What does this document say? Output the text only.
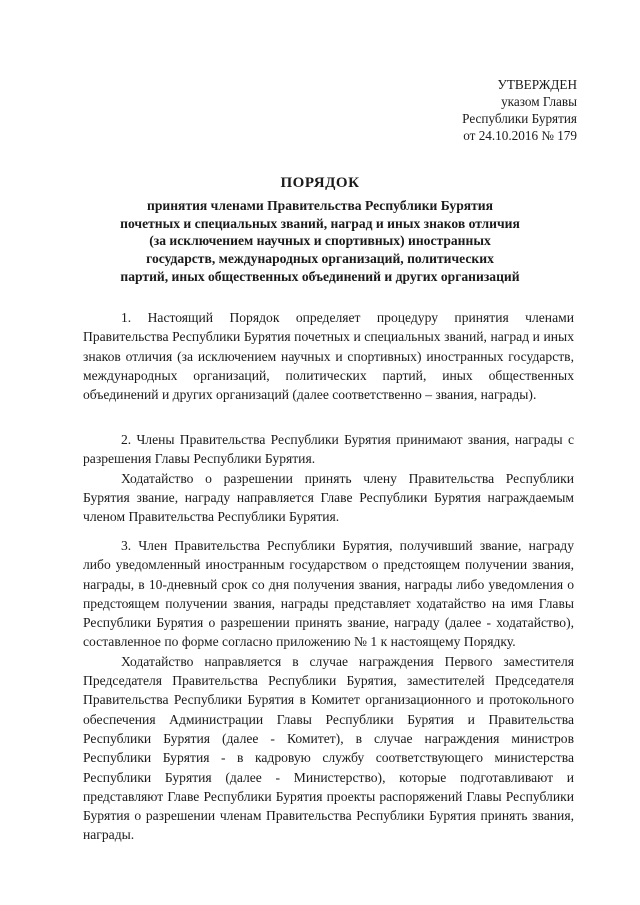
УТВЕРЖДЕН
указом Главы
Республики Бурятия
от 24.10.2016 № 179

ПОРЯДОК

принятия членами Правительства Республики Бурятия

почетных и специальных званий, наград и иных знаков отличия

(за исключением научных и спортивных) иностранных

государств, международных организаций, политических

партий, иных общественных объединений и других организаций

1. Настоящий Порядок определяет процедуру принятия членами Правительства Республики Бурятия почетных и специальных званий, наград и иных знаков отличия (за исключением научных и спортивных) иностранных государств, международных организаций, политических партий, иных общественных объединений и других организаций (далее соответственно – звания, награды).

2. Члены Правительства Республики Бурятия принимают звания, награды с разрешения Главы Республики Бурятия.

Ходатайство о разрешении принять члену Правительства Республики Бурятия звание, награду направляется Главе Республики Бурятия награждаемым членом Правительства Республики Бурятия.

3. Член Правительства Республики Бурятия, получивший звание, награду либо уведомленный иностранным государством о предстоящем получении звания, награды, в 10-дневный срок со дня получения звания, награды либо уведомления о предстоящем получении звания, награды представляет ходатайство на имя Главы Республики Бурятия о разрешении принять звание, награду (далее - ходатайство), составленное по форме согласно приложению № 1 к настоящему Порядку.

Ходатайство направляется в случае награждения Первого заместителя Председателя Правительства Республики Бурятия, заместителей Председателя Правительства Республики Бурятия в Комитет организационного и протокольного обеспечения Администрации Главы Республики Бурятия и Правительства Республики Бурятия (далее - Комитет), в случае награждения министров Республики Бурятия - в кадровую службу соответствующего министерства Республики Бурятия (далее - Министерство), которые подготавливают и представляют Главе Республики Бурятия проекты распоряжений Главы Республики Бурятия о разрешении членам Правительства Республики Бурятия принять звания, награды.
